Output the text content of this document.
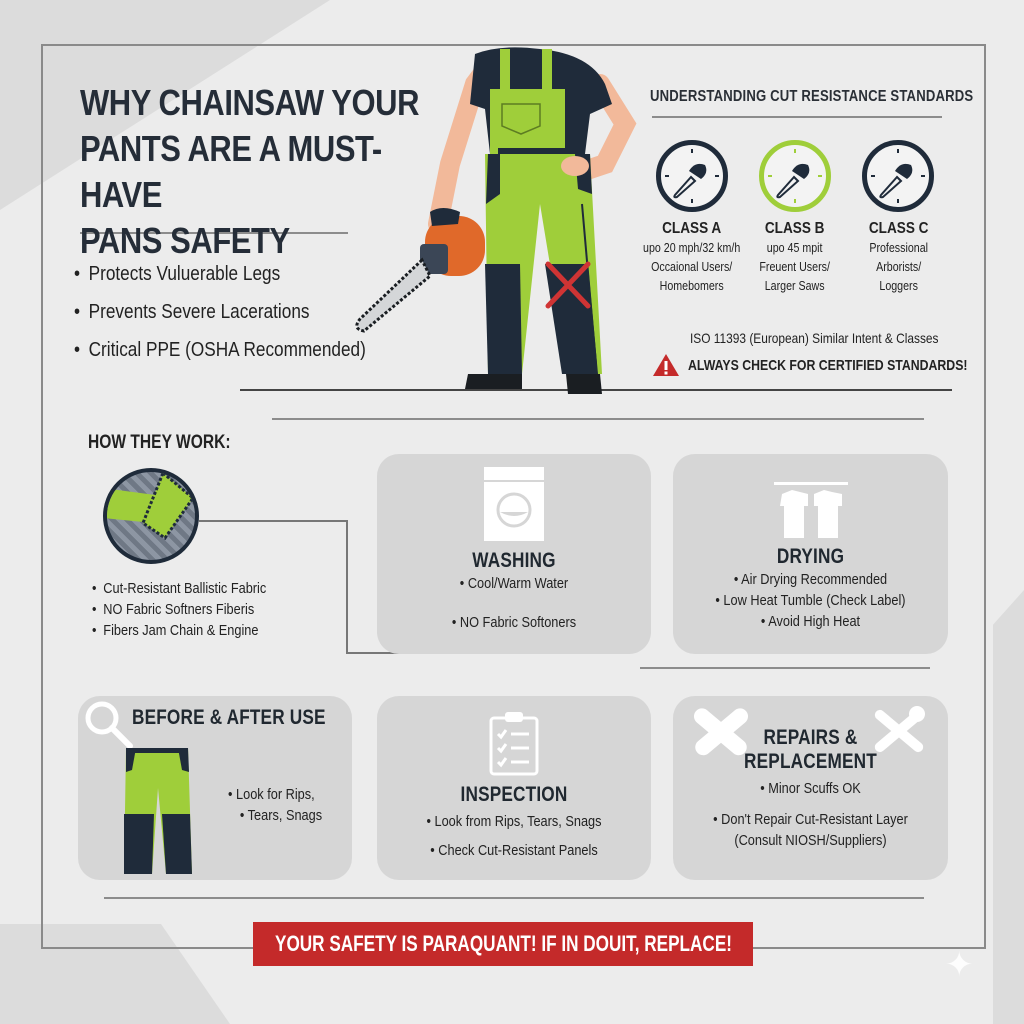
WHY CHAINSAW YOUR
PANTS ARE A MUST-HAVE
PANS SAFETY
• Protects Vuluerable Legs
• Prevents Severe Lacerations
• Critical PPE (OSHA Recommended)
UNDERSTANDING CUT RESISTANCE STANDARDS
CLASS A

upo 20 mph/32 km/h

Occaional Users/

Homebomers

CLASS B

upo 45 mpit

Freuent Users/

Larger Saws

CLASS C

Professional

Arborists/

Loggers

ISO 11393 (European) Similar Intent & Classes
ALWAYS CHECK FOR CERTIFIED STANDARDS!
HOW THEY WORK:
• Cut-Resistant Ballistic Fabric
• NO Fabric Softners Fiberis
• Fibers Jam Chain & Engine
WASHING
• Cool/Warm Water
• NO Fabric Softoners
DRYING
• Air Drying Recommended
• Low Heat Tumble (Check Label)
• Avoid High Heat
BEFORE & AFTER USE
• Look for Rips,
• Tears, Snags
INSPECTION
• Look from Rips, Tears, Snags
• Check Cut-Resistant Panels
REPAIRS &
REPLACEMENT
• Minor Scuffs OK
• Don't Repair Cut-Resistant Layer
(Consult NIOSH/Suppliers)
YOUR SAFETY IS PARAQUANT! IF IN DOUIT, REPLACE!
✦
